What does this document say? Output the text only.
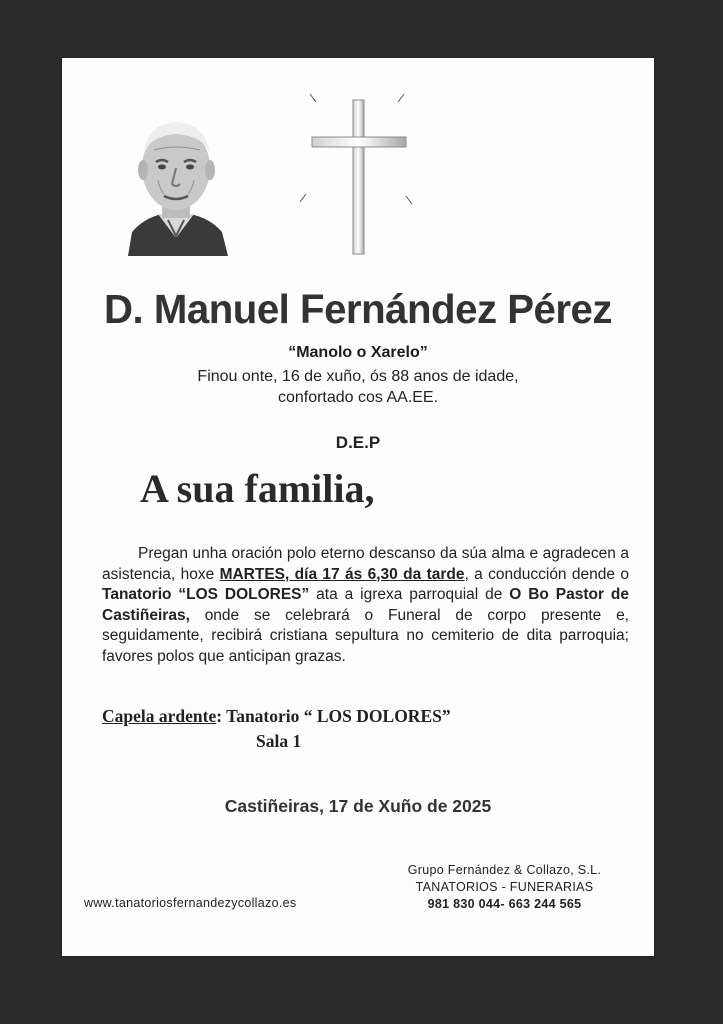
D. Manuel Fernández Pérez
“Manolo o Xarelo”
Finou onte, 16 de xuño, ós 88 anos de idade,
confortado cos AA.EE.
D.E.P
A sua familia,
Pregan unha oración polo eterno descanso da súa alma e agradecen a asistencia, hoxe MARTES, día 17 ás 6,30 da tarde, a conducción dende o Tanatorio “LOS DOLORES” ata a igrexa parroquial de O Bo Pastor de Castiñeiras, onde se celebrará o Funeral de corpo presente e, seguidamente, recibirá cristiana sepultura no cemiterio de dita parroquia; favores polos que anticipan grazas.
Capela ardente: Tanatorio “ LOS DOLORES”
Sala 1
Castiñeiras, 17 de Xuño de 2025
Grupo Fernández & Collazo, S.L.
TANATORIOS - FUNERARIAS
981 830 044- 663 244 565
www.tanatoriosfernandezycollazo.es
